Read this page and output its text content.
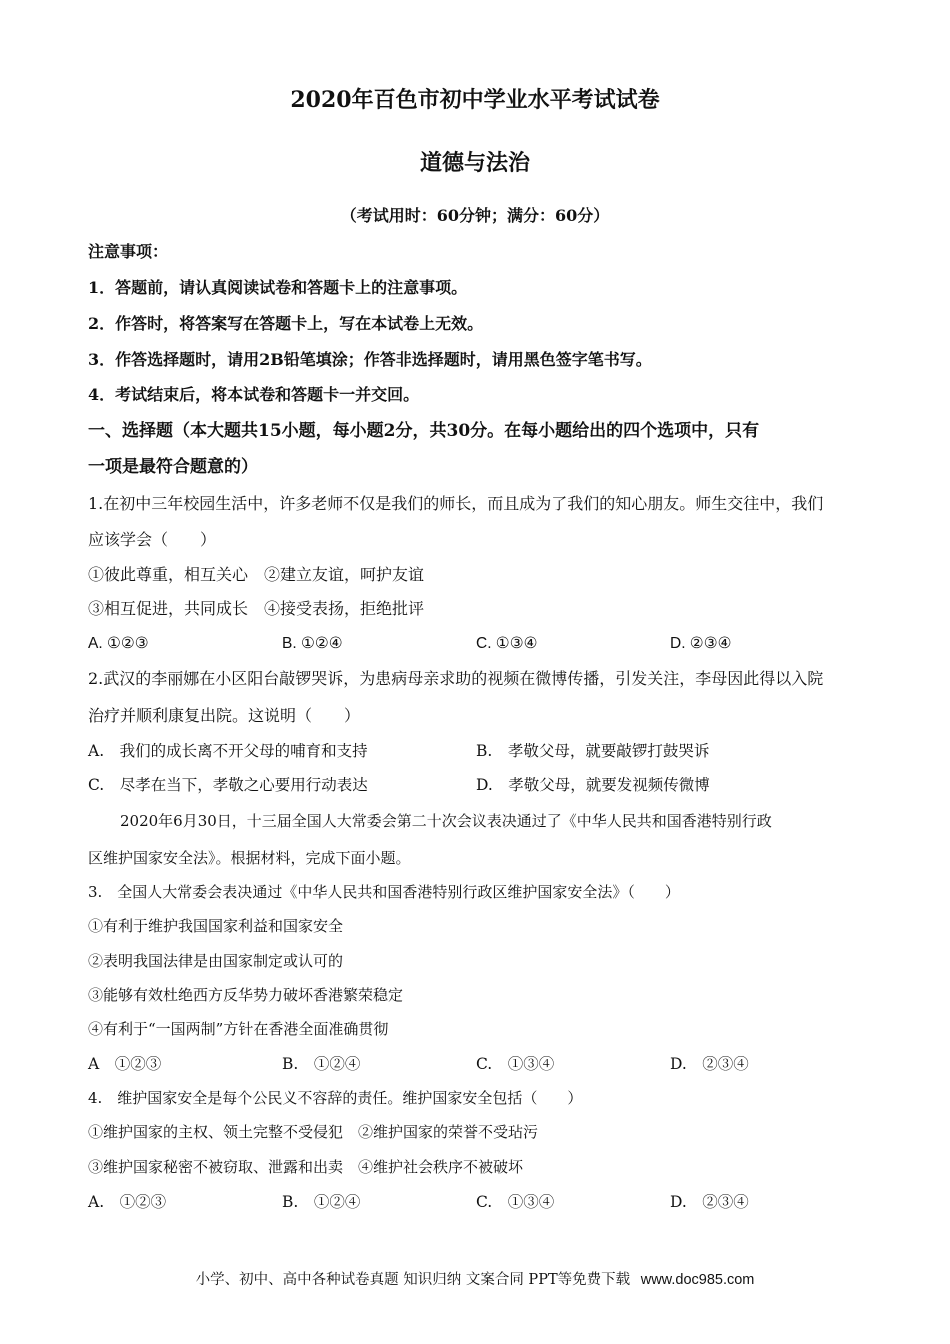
2020年百色市初中学业水平考试试卷
道德与法治
（考试用时：60分钟；满分：60分）
注意事项：
1．答题前，请认真阅读试卷和答题卡上的注意事项。
2．作答时，将答案写在答题卡上，写在本试卷上无效。
3．作答选择题时，请用2B铅笔填涂；作答非选择题时，请用黑色签字笔书写。
4．考试结束后，将本试卷和答题卡一并交回。
一、选择题（本大题共15小题，每小题2分，共30分。在每小题给出的四个选项中，只有
一项是最符合题意的）
1.在初中三年校园生活中，许多老师不仅是我们的师长，而且成为了我们的知心朋友。师生交往中，我们
应该学会（　　）
①彼此尊重，相互关心　②建立友谊，呵护友谊
③相互促进，共同成长　④接受表扬，拒绝批评
A. ①②③	B. ①②④	C. ①③④	D. ②③④
2.武汉的李丽娜在小区阳台敲锣哭诉，为患病母亲求助的视频在微博传播，引发关注，李母因此得以入院
治疗并顺利康复出院。这说明（　　）
A.　我们的成长离不开父母的哺育和支持	B.　孝敬父母，就要敲锣打鼓哭诉
C.　尽孝在当下，孝敬之心要用行动表达	D.　孝敬父母，就要发视频传微博
2020年6月30日，十三届全国人大常委会第二十次会议表决通过了《中华人民共和国香港特别行政
区维护国家安全法》。根据材料，完成下面小题。
3.　全国人大常委会表决通过《中华人民共和国香港特别行政区维护国家安全法》（　　）
①有利于维护我国国家利益和国家安全
②表明我国法律是由国家制定或认可的
③能够有效杜绝西方反华势力破坏香港繁荣稳定
④有利于“一国两制”方针在香港全面准确贯彻
A　①②③	B.　①②④	C.　①③④	D.　②③④
4.　维护国家安全是每个公民义不容辞的责任。维护国家安全包括（　　）
①维护国家的主权、领土完整不受侵犯　②维护国家的荣誉不受玷污
③维护国家秘密不被窃取、泄露和出卖　④维护社会秩序不被破坏
A.　①②③	B.　①②④	C.　①③④	D.　②③④
小学、初中、高中各种试卷真题 知识归纳 文案合同 PPT等免费下载 www.doc985.com
